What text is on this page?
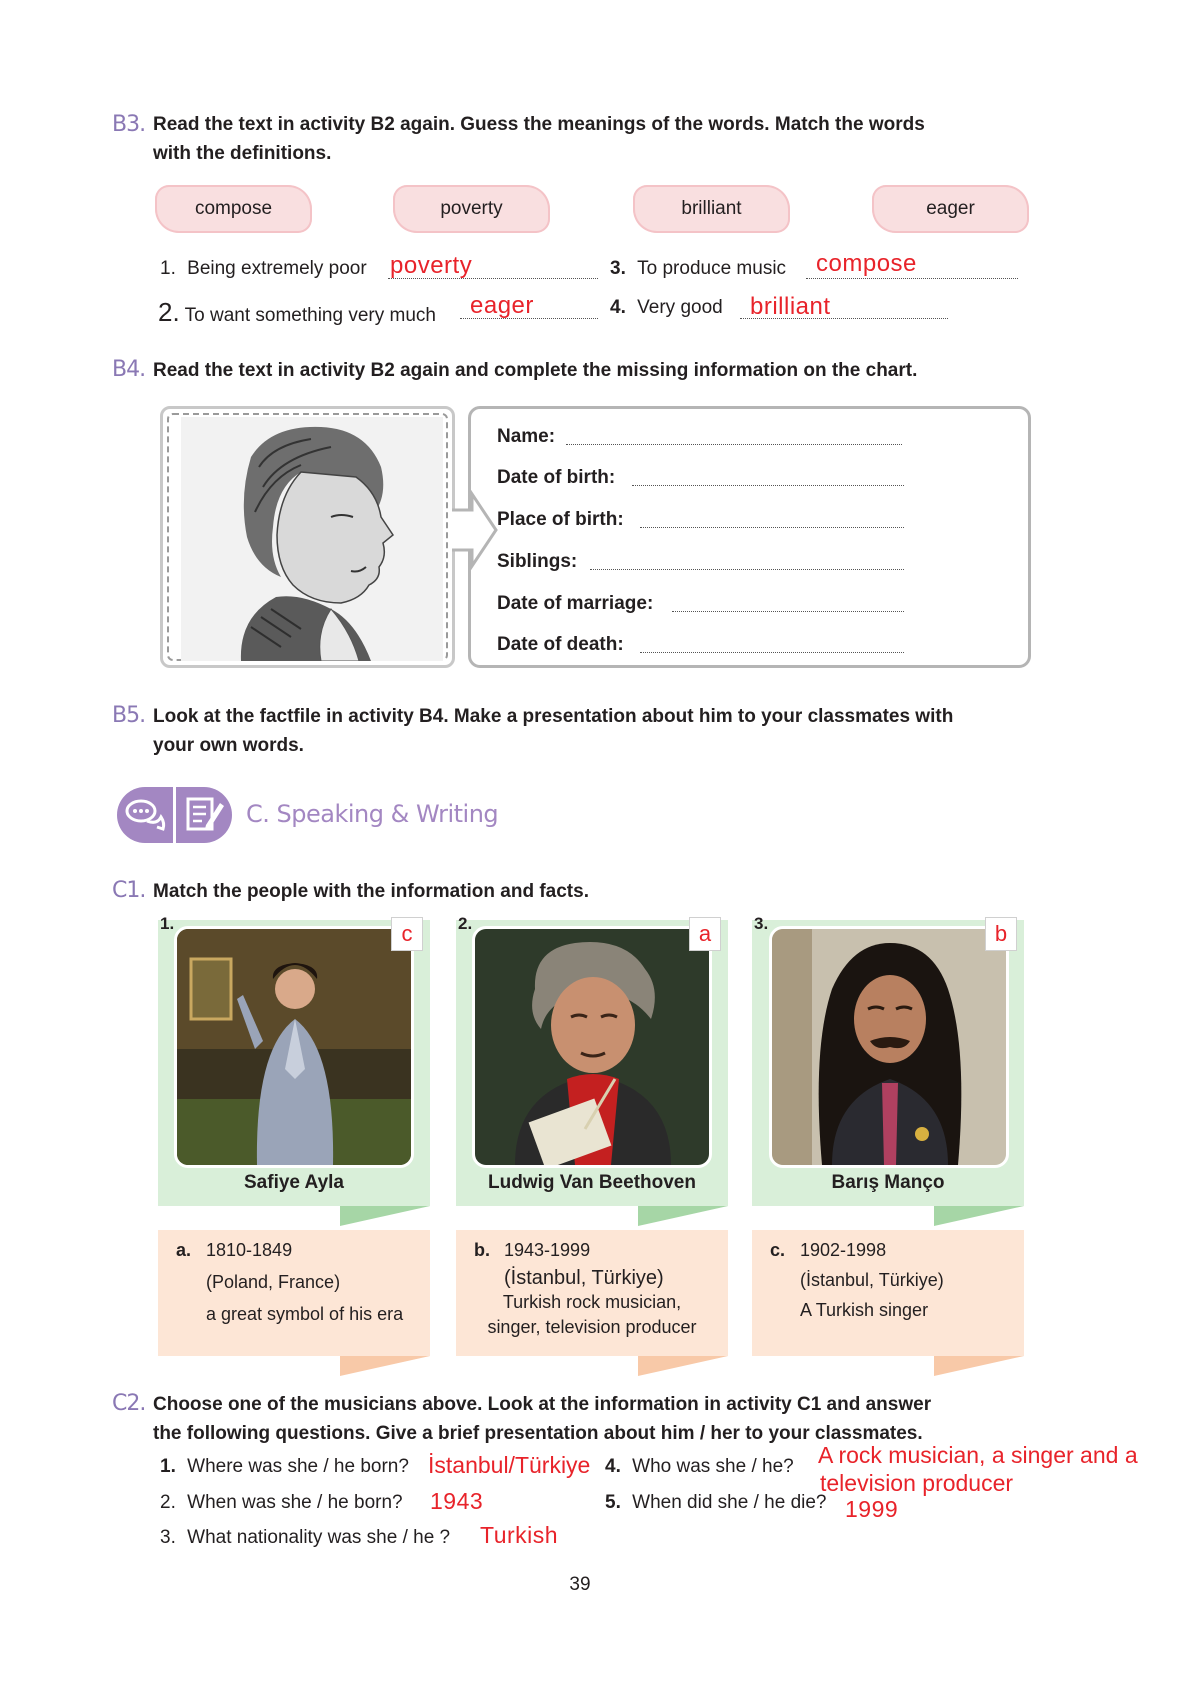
B3. Read the text in activity B2 again. Guess the meanings of the words. Match the words
with the definitions.
compose	poverty	brilliant	eager
1. Being extremely poor poverty
2. To want something very much eager
3. To produce music compose
4. Very good brilliant
B4. Read the text in activity B2 again and complete the missing information on the chart.
Name:
Date of birth:
Place of birth:
Siblings:
Date of marriage:
Date of death:
B5. Look at the factfile in activity B4. Make a presentation about him to your classmates with
your own words.
C. Speaking & Writing
C1. Match the people with the information and facts.
1.	c
Safiye Ayla
2.	a
Ludwig Van Beethoven
3.	b
Barış Manço
a. 1810-1849
(Poland, France)
a great symbol of his era
b. 1943-1999
(İstanbul, Türkiye)
Turkish rock musician,
singer, television producer
c. 1902-1998
(İstanbul, Türkiye)
A Turkish singer
C2. Choose one of the musicians above. Look at the information in activity C1 and answer
the following questions. Give a brief presentation about him / her to your classmates.
1. Where was she / he born? İstanbul/Türkiye
2. When was she / he born? 1943
3. What nationality was she / he ? Turkish
4. Who was she / he? A rock musician, a singer and a
television producer
5. When did she / he die? 1999
39
